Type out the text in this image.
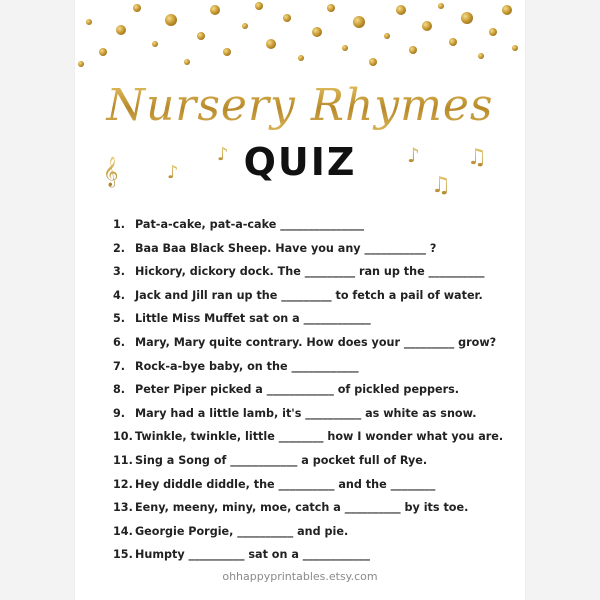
𝄞	♪
♪	♪ ♫
♫
Nursery Rhymes
QUIZ
1. Pat-a-cake, pat-a-cake _______________
2. Baa Baa Black Sheep. Have you any ___________ ?
3. Hickory, dickory dock. The _________ ran up the __________
4. Jack and Jill ran up the _________ to fetch a pail of water.
5. Little Miss Muffet sat on a ____________
6. Mary, Mary quite contrary. How does your _________ grow?
7. Rock-a-bye baby, on the ____________
8. Peter Piper picked a ____________ of pickled peppers.
9. Mary had a little lamb, it's __________ as white as snow.
10. Twinkle, twinkle, little ________ how I wonder what you are.
11. Sing a Song of ____________ a pocket full of Rye.
12. Hey diddle diddle, the __________ and the ________
13. Eeny, meeny, miny, moe, catch a __________ by its toe.
14. Georgie Porgie, __________ and pie.
15. Humpty __________ sat on a ____________
ohhappyprintables.etsy.com
